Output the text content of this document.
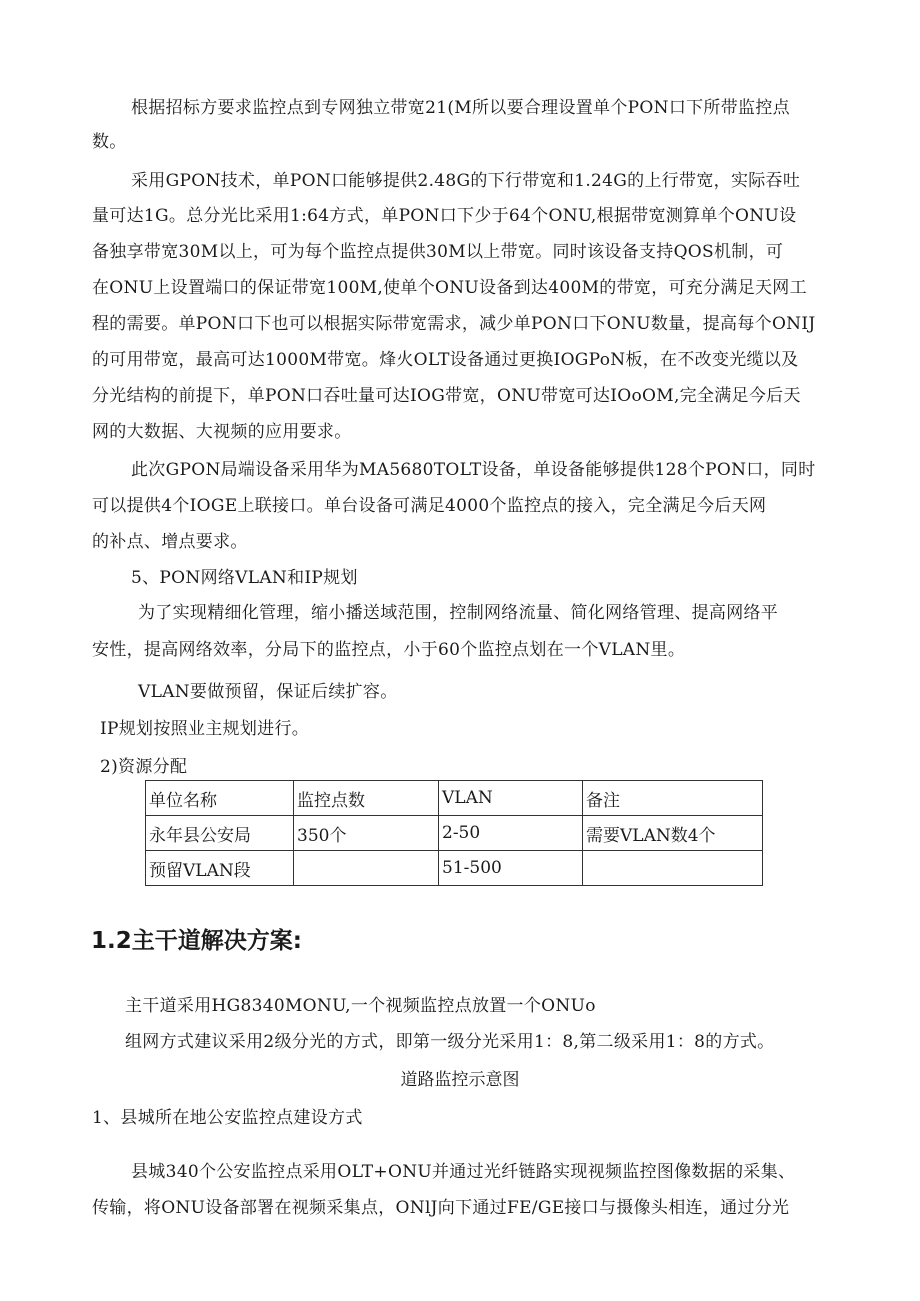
根据招标方要求监控点到专网独立带宽21(M所以要合理设置单个PON口下所带监控点
数。
采用GPON技术，单PON口能够提供2.48G的下行带宽和1.24G的上行带宽，实际吞吐
量可达1G。总分光比采用1:64方式，单PON口下少于64个ONU,根据带宽测算单个ONU设
备独享带宽30M以上，可为每个监控点提供30M以上带宽。同时该设备支持QOS机制，可
在ONU上设置端口的保证带宽100M,使单个ONU设备到达400M的带宽，可充分满足天网工
程的需要。单PON口下也可以根据实际带宽需求，减少单PON口下ONU数量，提高每个ONIJ
的可用带宽，最高可达1000M带宽。烽火OLT设备通过更换IOGPoN板，在不改变光缆以及
分光结构的前提下，单PON口吞吐量可达IOG带宽，ONU带宽可达IOoOM,完全满足今后天
网的大数据、大视频的应用要求。
此次GPON局端设备采用华为MA5680TOLT设备，单设备能够提供128个PON口，同时
可以提供4个IOGE上联接口。单台设备可满足4000个监控点的接入，完全满足今后天网
的补点、增点要求。
5、PON网络VLAN和IP规划
为了实现精细化管理，缩小播送域范围，控制网络流量、简化网络管理、提高网络平
安性，提高网络效率，分局下的监控点，小于60个监控点划在一个VLAN里。
VLAN要做预留，保证后续扩容。
IP规划按照业主规划进行。
2)资源分配
单位名称	监控点数	VLAN	备注
永年县公安局	350个	2-50	需要VLAN数4个
预留VLAN段		51-500	
1.2主干道解决方案:
主干道采用HG8340MONU,一个视频监控点放置一个ONUo
组网方式建议采用2级分光的方式，即第一级分光采用1：8,第二级采用1：8的方式。
道路监控示意图
1、县城所在地公安监控点建设方式
县城340个公安监控点采用OLT+ONU并通过光纤链路实现视频监控图像数据的采集、
传输，将ONU设备部署在视频采集点，ONlJ向下通过FE/GE接口与摄像头相连，通过分光
